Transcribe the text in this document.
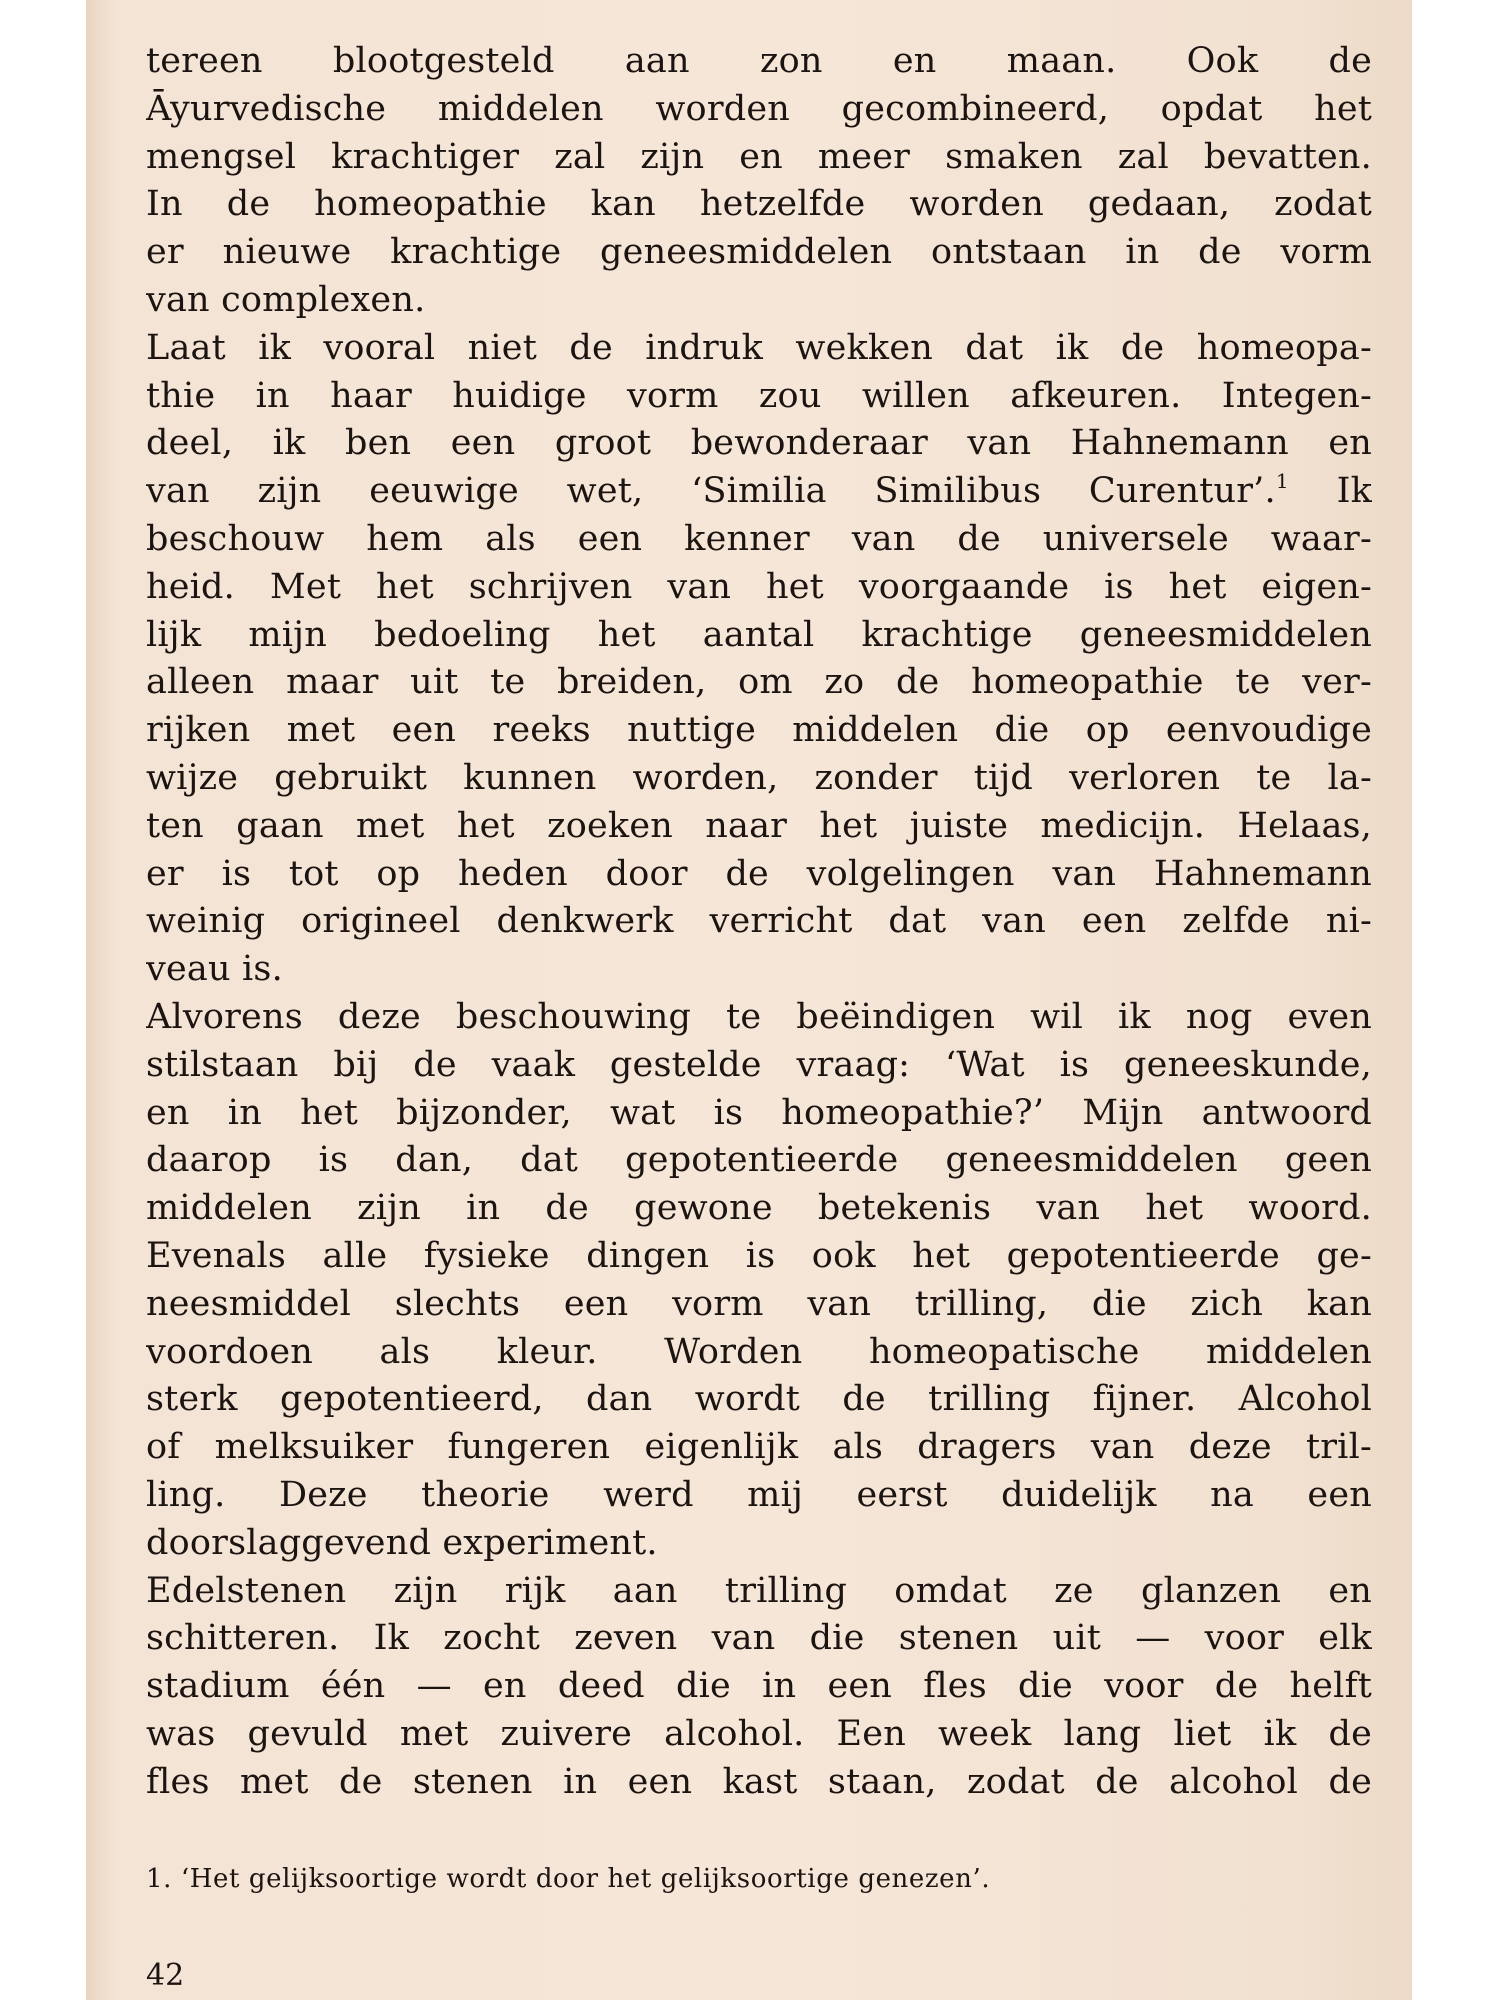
tereen blootgesteld aan zon en maan. Ook de
Āyurvedische middelen worden gecombineerd, opdat het
mengsel krachtiger zal zijn en meer smaken zal bevatten.
In de homeopathie kan hetzelfde worden gedaan, zodat
er nieuwe krachtige geneesmiddelen ontstaan in de vorm
van complexen.
Laat ik vooral niet de indruk wekken dat ik de homeopa-
thie in haar huidige vorm zou willen afkeuren. Integen-
deel, ik ben een groot bewonderaar van Hahnemann en
van zijn eeuwige wet, ‘Similia Similibus Curentur’.$^1$ Ik
beschouw hem als een kenner van de universele waar-
heid. Met het schrijven van het voorgaande is het eigen-
lijk mijn bedoeling het aantal krachtige geneesmiddelen
alleen maar uit te breiden, om zo de homeopathie te ver-
rijken met een reeks nuttige middelen die op eenvoudige
wijze gebruikt kunnen worden, zonder tijd verloren te la-
ten gaan met het zoeken naar het juiste medicijn. Helaas,
er is tot op heden door de volgelingen van Hahnemann
weinig origineel denkwerk verricht dat van een zelfde ni-
veau is.
Alvorens deze beschouwing te beëindigen wil ik nog even
stilstaan bij de vaak gestelde vraag: ‘Wat is geneeskunde,
en in het bijzonder, wat is homeopathie?’ Mijn antwoord
daarop is dan, dat gepotentieerde geneesmiddelen geen
middelen zijn in de gewone betekenis van het woord.
Evenals alle fysieke dingen is ook het gepotentieerde ge-
neesmiddel slechts een vorm van trilling, die zich kan
voordoen als kleur. Worden homeopatische middelen
sterk gepotentieerd, dan wordt de trilling fijner. Alcohol
of melksuiker fungeren eigenlijk als dragers van deze tril-
ling. Deze theorie werd mij eerst duidelijk na een
doorslaggevend experiment.
Edelstenen zijn rijk aan trilling omdat ze glanzen en
schitteren. Ik zocht zeven van die stenen uit — voor elk
stadium één — en deed die in een fles die voor de helft
was gevuld met zuivere alcohol. Een week lang liet ik de
fles met de stenen in een kast staan, zodat de alcohol de
1. ‘Het gelijksoortige wordt door het gelijksoortige genezen’.
42
